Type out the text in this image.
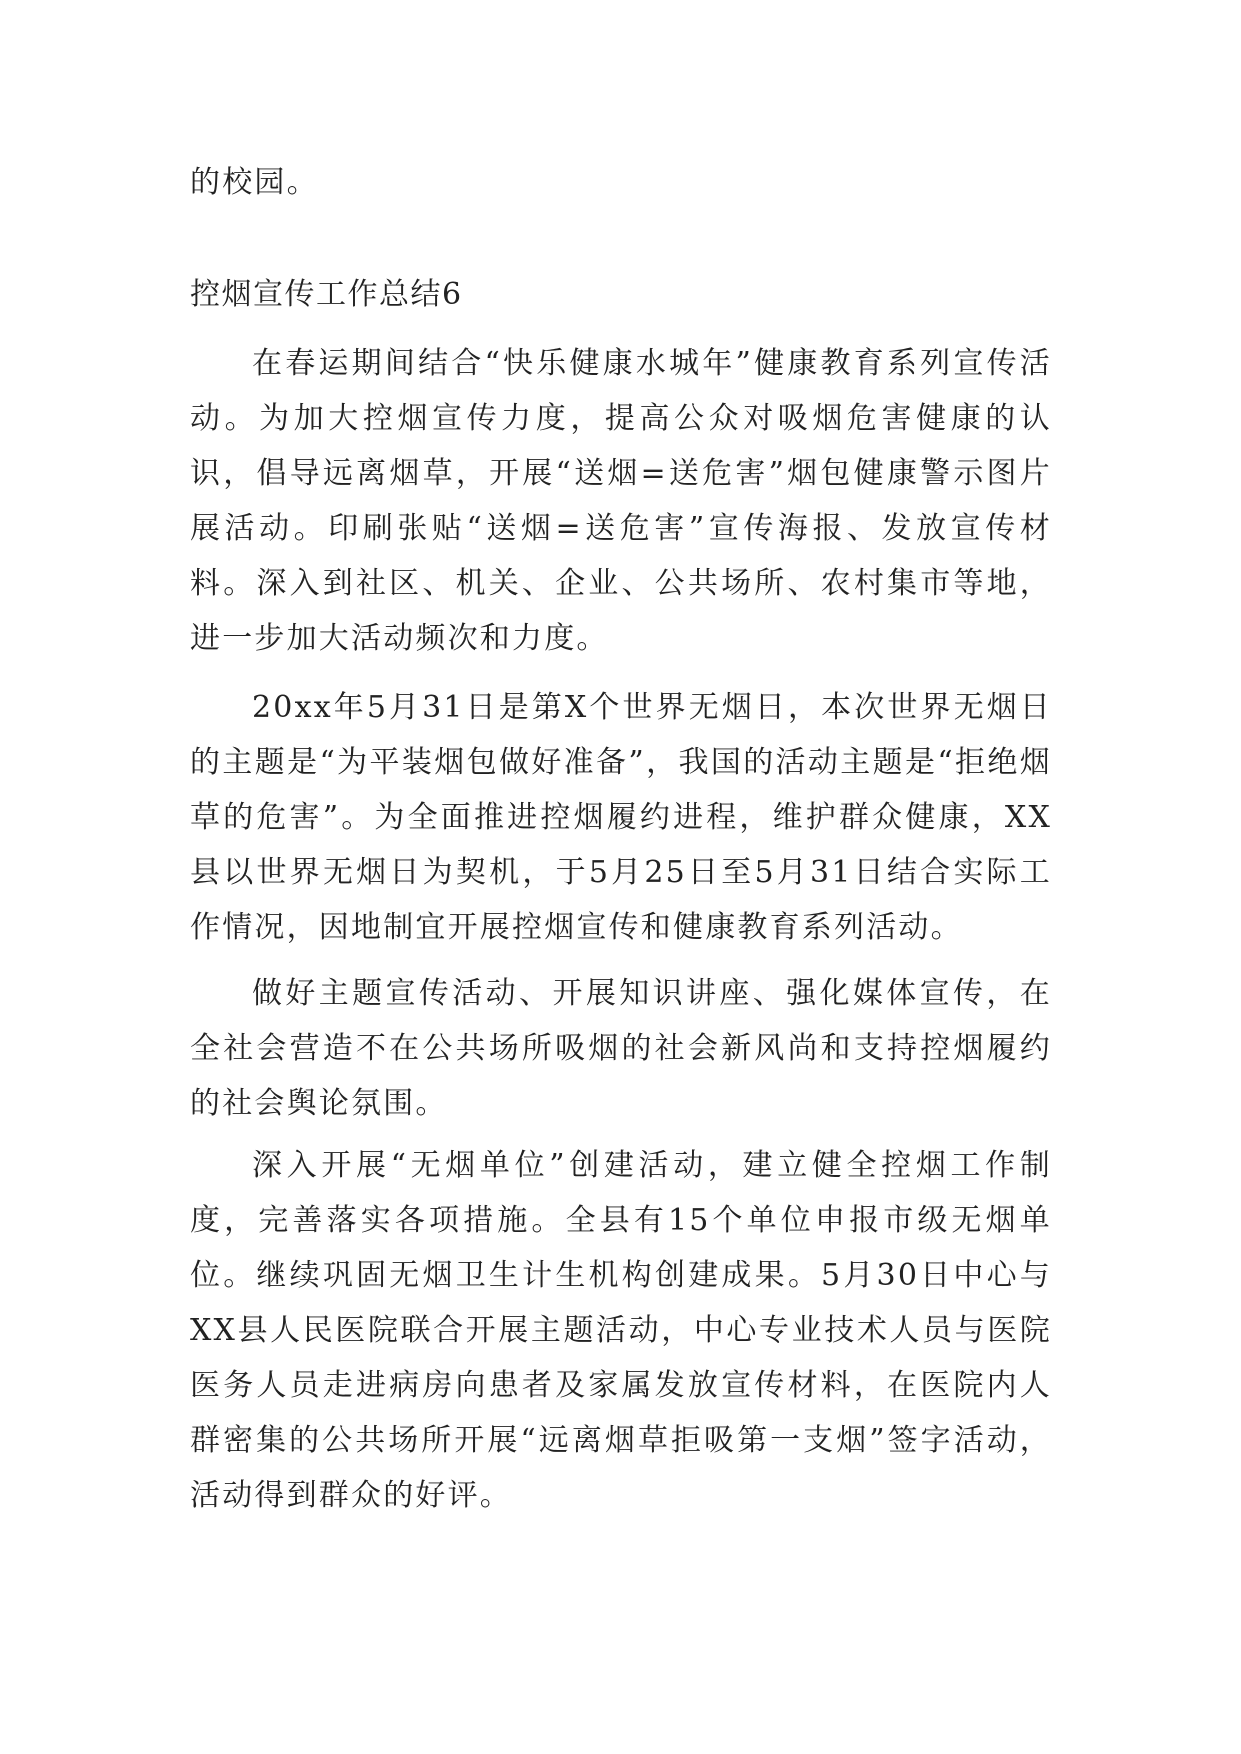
的校园。

控烟宣传工作总结6

在春运期间结合“快乐健康水城年”健康教育系列宣传活动。为加大控烟宣传力度，提高公众对吸烟危害健康的认识，倡导远离烟草，开展“送烟=送危害”烟包健康警示图片展活动。印刷张贴“送烟=送危害”宣传海报、发放宣传材料。深入到社区、机关、企业、公共场所、农村集市等地，进一步加大活动频次和力度。

20xx年5月31日是第X个世界无烟日，本次世界无烟日的主题是“为平装烟包做好准备”，我国的活动主题是“拒绝烟草的危害”。为全面推进控烟履约进程，维护群众健康，XX县以世界无烟日为契机，于5月25日至5月31日结合实际工作情况，因地制宜开展控烟宣传和健康教育系列活动。

做好主题宣传活动、开展知识讲座、强化媒体宣传，在全社会营造不在公共场所吸烟的社会新风尚和支持控烟履约的社会舆论氛围。

深入开展“无烟单位”创建活动，建立健全控烟工作制度，完善落实各项措施。全县有15个单位申报市级无烟单位。继续巩固无烟卫生计生机构创建成果。5月30日中心与XX县人民医院联合开展主题活动，中心专业技术人员与医院医务人员走进病房向患者及家属发放宣传材料，在医院内人群密集的公共场所开展“远离烟草拒吸第一支烟”签字活动，活动得到群众的好评。
